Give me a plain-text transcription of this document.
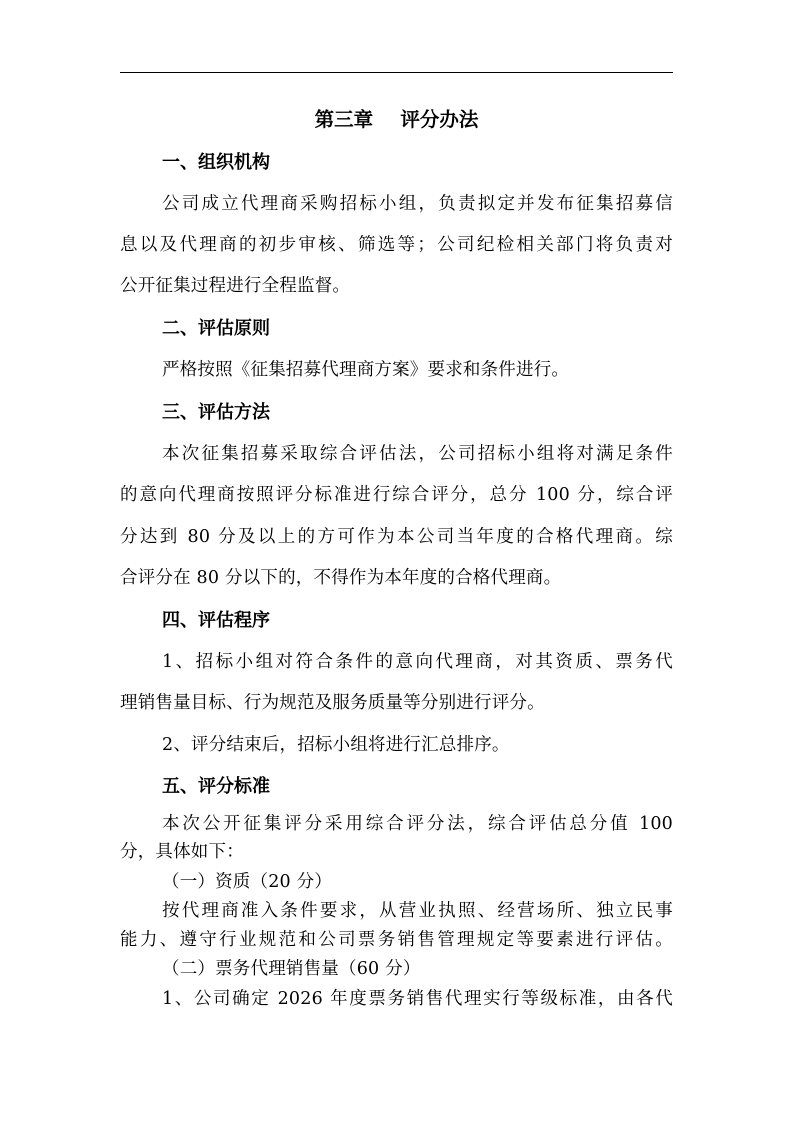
第三章    评分办法
一、组织机构
公司成立代理商采购招标小组，负责拟定并发布征集招募信
息以及代理商的初步审核、筛选等；公司纪检相关部门将负责对
公开征集过程进行全程监督。
二、评估原则
严格按照《征集招募代理商方案》要求和条件进行。
三、评估方法
本次征集招募采取综合评估法，公司招标小组将对满足条件
的意向代理商按照评分标准进行综合评分，总分 100 分，综合评
分达到 80 分及以上的方可作为本公司当年度的合格代理商。综
合评分在 80 分以下的，不得作为本年度的合格代理商。
四、评估程序
1、招标小组对符合条件的意向代理商，对其资质、票务代
理销售量目标、行为规范及服务质量等分别进行评分。
2、评分结束后，招标小组将进行汇总排序。
五、评分标准
本次公开征集评分采用综合评分法，综合评估总分值 100
分，具体如下：
（一）资质（20 分）
按代理商准入条件要求，从营业执照、经营场所、独立民事
能力、遵守行业规范和公司票务销售管理规定等要素进行评估。
（二）票务代理销售量（60 分）
1、公司确定 2026 年度票务销售代理实行等级标准，由各代
